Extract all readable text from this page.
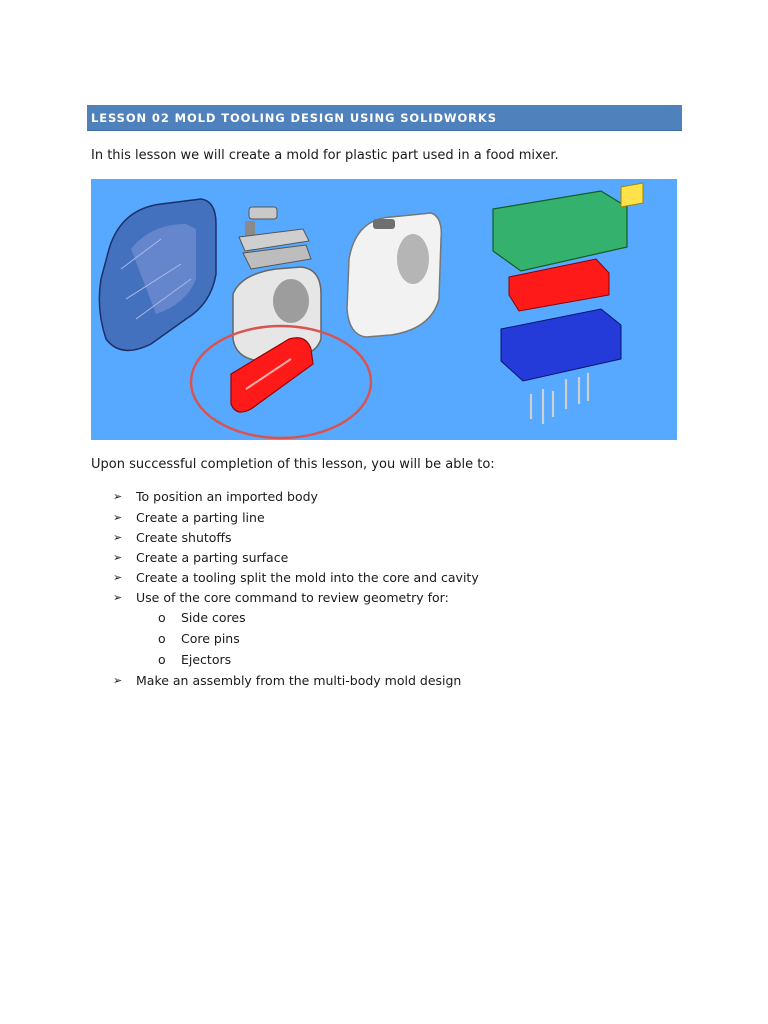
LESSON 02 MOLD TOOLING DESIGN USING SOLIDWORKS
In this lesson we will create a mold for plastic part used in a food mixer.
Upon successful completion of this lesson, you will be able to:
➢ To position an imported body
➢ Create a parting line
➢ Create shutoffs
➢ Create a parting surface
➢ Create a tooling split the mold into the core and cavity
➢ Use of the core command to review geometry for:
o Side cores
o Core pins
o Ejectors
➢ Make an assembly from the multi-body mold design
